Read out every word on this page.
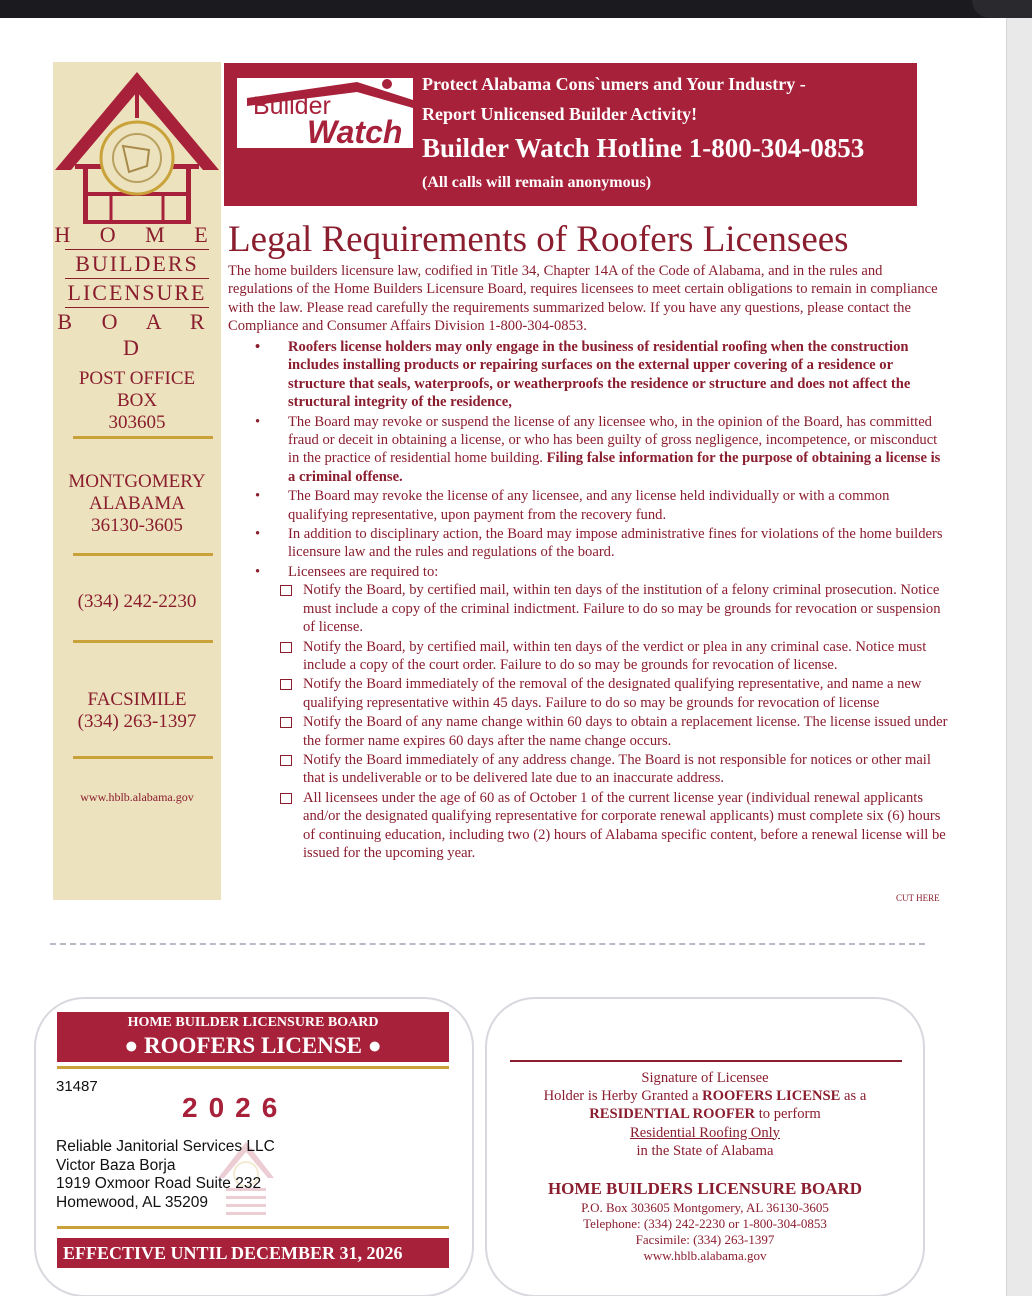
H O M E
BUILDERS
LICENSURE
B O A R D
POST OFFICE
BOX
303605
MONTGOMERY
ALABAMA
36130-3605
(334) 242-2230
FACSIMILE
(334) 263-1397
www.hblb.alabama.gov
Builder
Watch
Protect Alabama Cons`umers and Your Industry -
Report Unlicensed Builder Activity!
Builder Watch Hotline 1-800-304-0853
(All calls will remain anonymous)
Legal Requirements of Roofers Licensees
The home builders licensure law, codified in Title 34, Chapter 14A of the Code of Alabama, and in the rules and regulations of the Home Builders Licensure Board, requires licensees to meet certain obligations to remain in compliance with the law. Please read carefully the requirements summarized below. If you have any questions, please contact the Compliance and Consumer Affairs Division 1-800-304-0853.
• Roofers license holders may only engage in the business of residential roofing when the construction includes installing products or repairing surfaces on the external upper covering of a residence or structure that seals, waterproofs, or weatherproofs the residence or structure and does not affect the structural integrity of the residence,
• The Board may revoke or suspend the license of any licensee who, in the opinion of the Board, has committed fraud or deceit in obtaining a license, or who has been guilty of gross negligence, incompetence, or misconduct in the practice of residential home building. Filing false information for the purpose of obtaining a license is a criminal offense.
• The Board may revoke the license of any licensee, and any license held individually or with a common qualifying representative, upon payment from the recovery fund.
• In addition to disciplinary action, the Board may impose administrative fines for violations of the home builders licensure law and the rules and regulations of the board.
• Licensees are required to:
Notify the Board, by certified mail, within ten days of the institution of a felony criminal prosecution. Notice must include a copy of the criminal indictment. Failure to do so may be grounds for revocation or suspension of license.
Notify the Board, by certified mail, within ten days of the verdict or plea in any criminal case. Notice must include a copy of the court order. Failure to do so may be grounds for revocation of license.
Notify the Board immediately of the removal of the designated qualifying representative, and name a new qualifying representative within 45 days. Failure to do so may be grounds for revocation of license
Notify the Board of any name change within 60 days to obtain a replacement license. The license issued under the former name expires 60 days after the name change occurs.
Notify the Board immediately of any address change. The Board is not responsible for notices or other mail that is undeliverable or to be delivered late due to an inaccurate address.
All licensees under the age of 60 as of October 1 of the current license year (individual renewal applicants and/or the designated qualifying representative for corporate renewal applicants) must complete six (6) hours of continuing education, including two (2) hours of Alabama specific content, before a renewal license will be issued for the upcoming year.
CUT HERE
HOME BUILDER LICENSURE BOARD
● ROOFERS LICENSE ●
31487
2026
Reliable Janitorial Services LLC
Victor Baza Borja
1919 Oxmoor Road Suite 232
Homewood, AL 35209
EFFECTIVE UNTIL DECEMBER 31, 2026
Signature of Licensee
Holder is Herby Granted a ROOFERS LICENSE as a
RESIDENTIAL ROOFER to perform
Residential Roofing Only
in the State of Alabama
HOME BUILDERS LICENSURE BOARD
P.O. Box 303605 Montgomery, AL 36130-3605
Telephone: (334) 242-2230 or 1-800-304-0853
Facsimile: (334) 263-1397
www.hblb.alabama.gov
